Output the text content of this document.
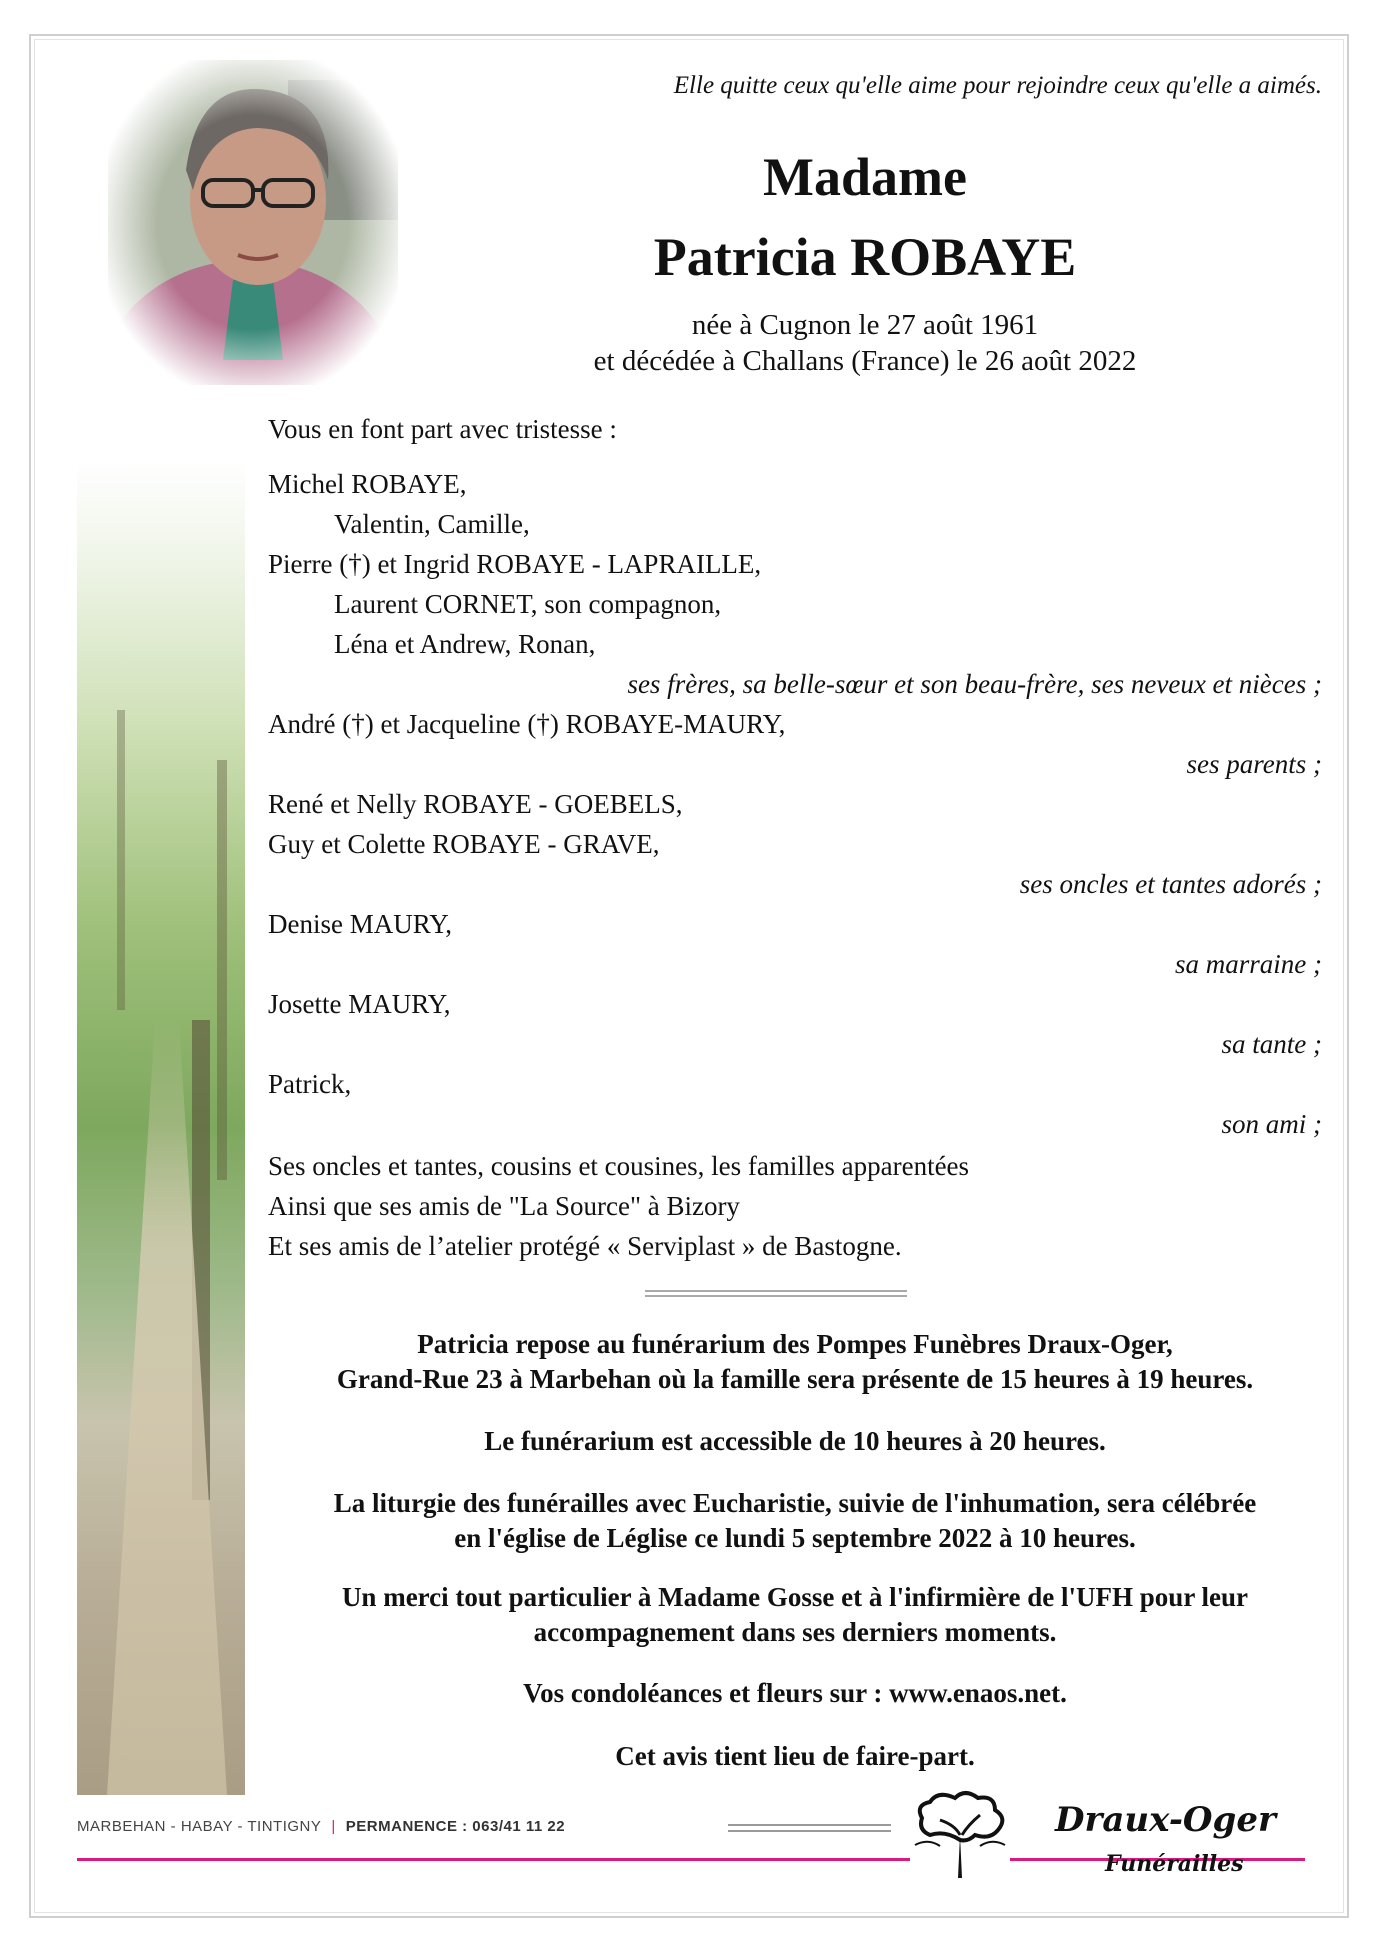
Elle quitte ceux qu'elle aime pour rejoindre ceux qu'elle a aimés.
Madame
Patricia ROBAYE
née à Cugnon le 27 août 1961
et décédée à Challans (France) le 26 août 2022
Vous en font part avec tristesse :
Michel ROBAYE,
Valentin, Camille,
Pierre (†) et Ingrid ROBAYE - LAPRAILLE,
Laurent CORNET, son compagnon,
Léna et Andrew, Ronan,
ses frères, sa belle-sœur et son beau-frère, ses neveux et nièces ;
André (†) et Jacqueline (†) ROBAYE-MAURY,
ses parents ;
René et Nelly ROBAYE - GOEBELS,
Guy et Colette ROBAYE - GRAVE,
ses oncles et tantes adorés ;
Denise MAURY,
sa marraine ;
Josette MAURY,
sa tante ;
Patrick,
son ami ;
Ses oncles et tantes, cousins et cousines, les familles apparentées
Ainsi que ses amis de "La Source" à Bizory
Et ses amis de l’atelier protégé « Serviplast » de Bastogne.
Patricia repose au funérarium des Pompes Funèbres Draux-Oger,
Grand-Rue 23 à Marbehan où la famille sera présente de 15 heures à 19 heures.
Le funérarium est accessible de 10 heures à 20 heures.
La liturgie des funérailles avec Eucharistie, suivie de l'inhumation, sera célébrée
en l'église de Léglise ce lundi 5 septembre 2022 à 10 heures.
Un merci tout particulier à Madame Gosse et à l'infirmière de l'UFH pour leur
accompagnement dans ses derniers moments.
Vos condoléances et fleurs sur : www.enaos.net.
Cet avis tient lieu de faire-part.
MARBEHAN - HABAY - TINTIGNY | PERMANENCE : 063/41 11 22	Draux-Oger
Funérailles
